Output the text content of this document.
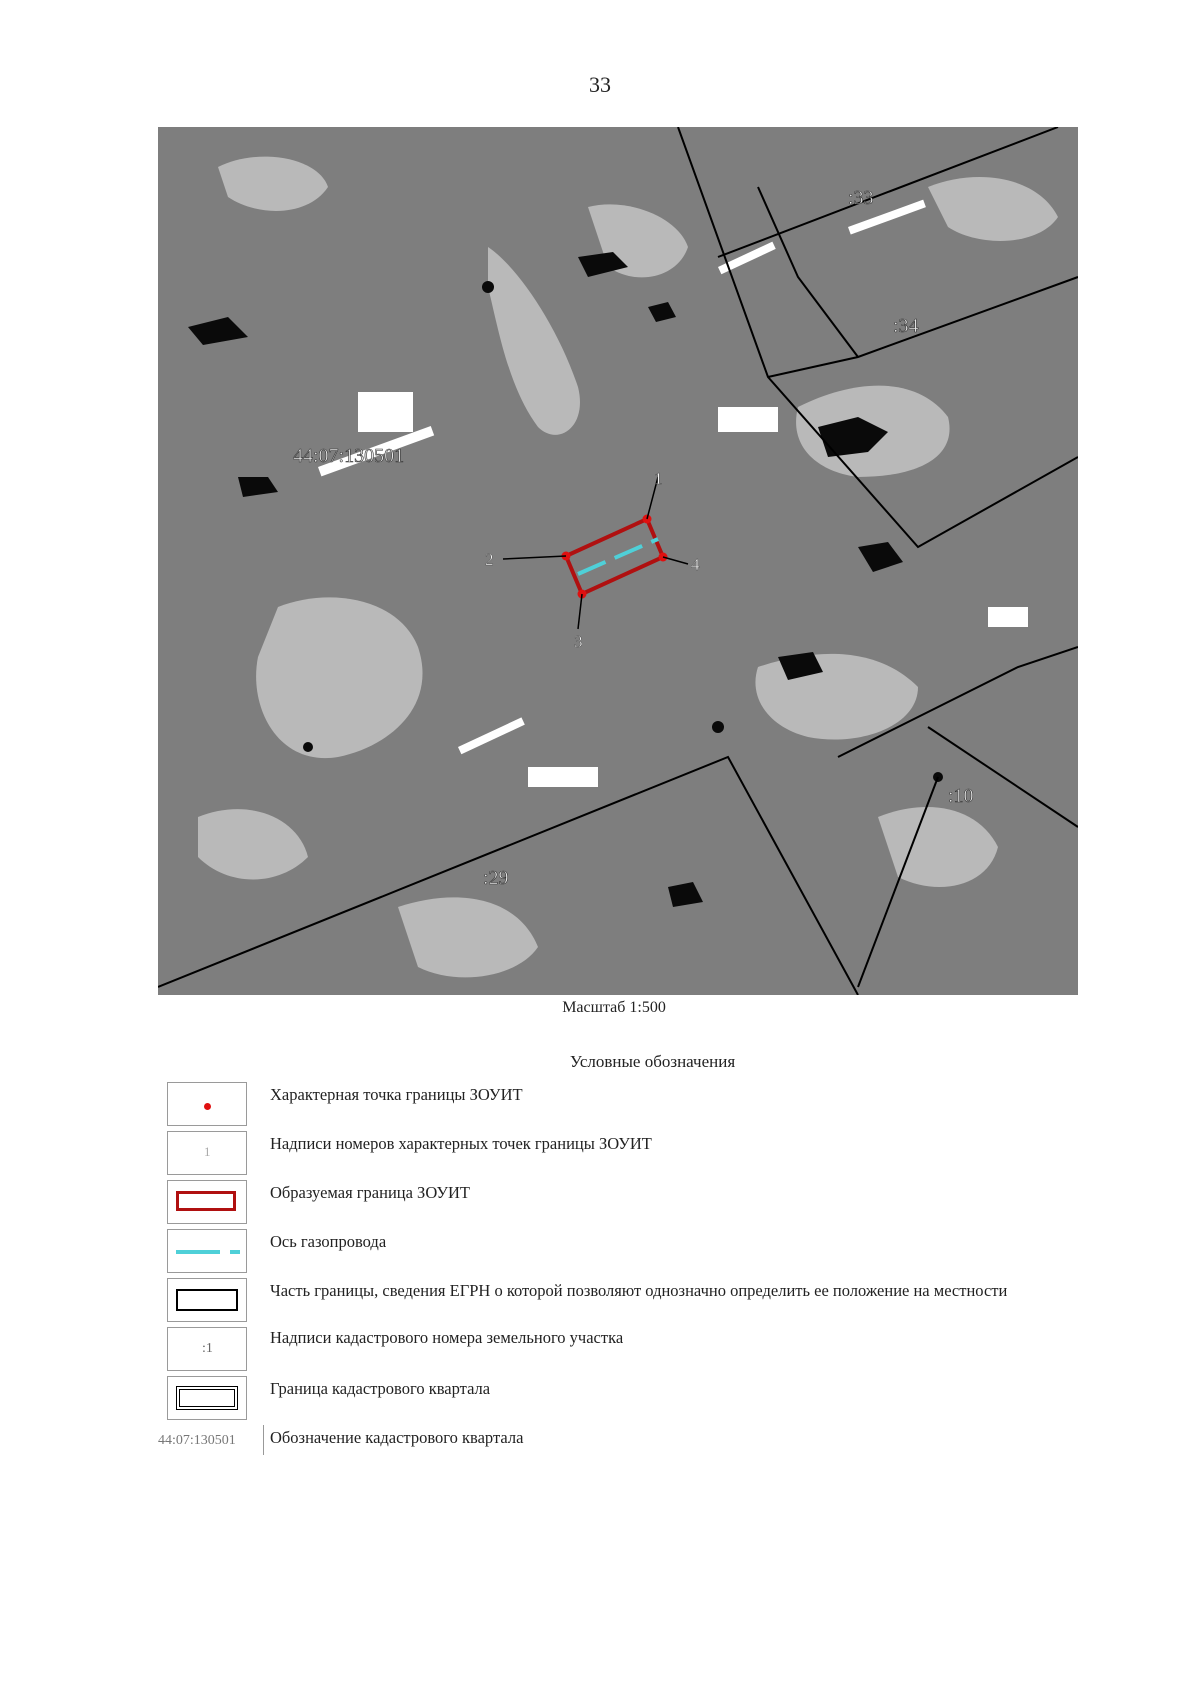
33
1
2
3
4
44:07:130501
:33
:34
:10
:29
Масштаб 1:500
Условные обозначения
Характерная точка границы ЗОУИТ
1	Надписи номеров характерных точек границы ЗОУИТ
Образуемая граница ЗОУИТ
Ось газопровода
Часть границы, сведения ЕГРН о которой позволяют однозначно определить ее положение на местности
:1
Надписи кадастрового номера земельного участка
Граница кадастрового квартала
44:07:130501	Обозначение кадастрового квартала
